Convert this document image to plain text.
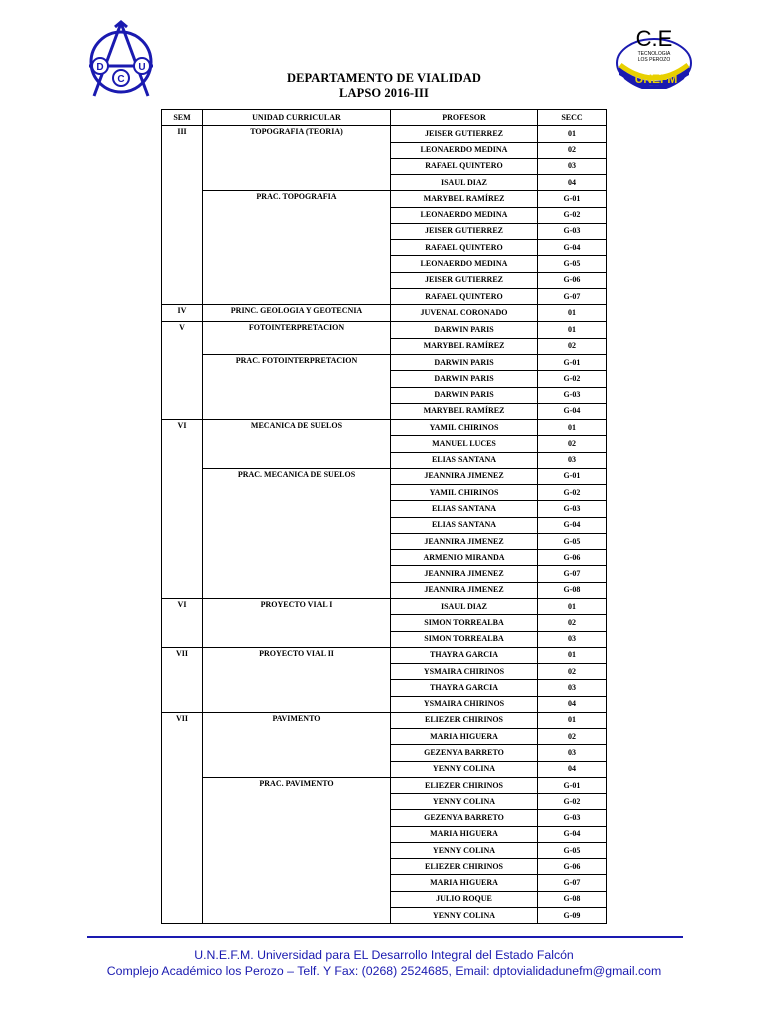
D
C
U
C.E
TECNOLOGIA
LOS PEROZO
UNEFM
DEPARTAMENTO DE VIALIDAD
LAPSO 2016-III
SEM	UNIDAD CURRICULAR	PROFESOR	SECC
III	TOPOGRAFIA (TEORIA)	JEISER GUTIERREZ	01
		LEONAERDO MEDINA	02
		RAFAEL QUINTERO	03
		ISAUL DIAZ	04
	PRAC. TOPOGRAFIA	MARYBEL RAMÍREZ	G-01
		LEONAERDO MEDINA	G-02
		JEISER GUTIERREZ	G-03
		RAFAEL QUINTERO	G-04
		LEONAERDO MEDINA	G-05
		JEISER GUTIERREZ	G-06
		RAFAEL QUINTERO	G-07
IV	PRINC. GEOLOGIA Y GEOTECNIA	JUVENAL CORONADO	01
V	FOTOINTERPRETACION	DARWIN PARIS	01
		MARYBEL RAMÍREZ	02
	PRAC. FOTOINTERPRETACION	DARWIN PARIS	G-01
		DARWIN PARIS	G-02
		DARWIN PARIS	G-03
		MARYBEL RAMÍREZ	G-04
VI	MECANICA DE SUELOS	YAMIL CHIRINOS	01
		MANUEL LUCES	02
		ELIAS SANTANA	03
	PRAC. MECANICA DE SUELOS	JEANNIRA JIMENEZ	G-01
		YAMIL CHIRINOS	G-02
		ELIAS SANTANA	G-03
		ELIAS SANTANA	G-04
		JEANNIRA JIMENEZ	G-05
		ARMENIO MIRANDA	G-06
		JEANNIRA JIMENEZ	G-07
		JEANNIRA JIMENEZ	G-08
VI	PROYECTO VIAL I	ISAUL DIAZ	01
		SIMON TORREALBA	02
		SIMON TORREALBA	03
VII	PROYECTO VIAL II	THAYRA GARCIA	01
		YSMAIRA CHIRINOS	02
		THAYRA GARCIA	03
		YSMAIRA CHIRINOS	04
VII	PAVIMENTO	ELIEZER CHIRINOS	01
		MARIA HIGUERA	02
		GEZENYA BARRETO	03
		YENNY COLINA	04
	PRAC. PAVIMENTO	ELIEZER CHIRINOS	G-01
		YENNY COLINA	G-02
		GEZENYA BARRETO	G-03
		MARIA HIGUERA	G-04
		YENNY COLINA	G-05
		ELIEZER CHIRINOS	G-06
		MARIA HIGUERA	G-07
		JULIO ROQUE	G-08
		YENNY COLINA	G-09
U.N.E.F.M. Universidad para EL Desarrollo Integral del Estado Falcón
Complejo Académico los Perozo – Telf. Y Fax: (0268) 2524685, Email: dptovialidadunefm@gmail.com
